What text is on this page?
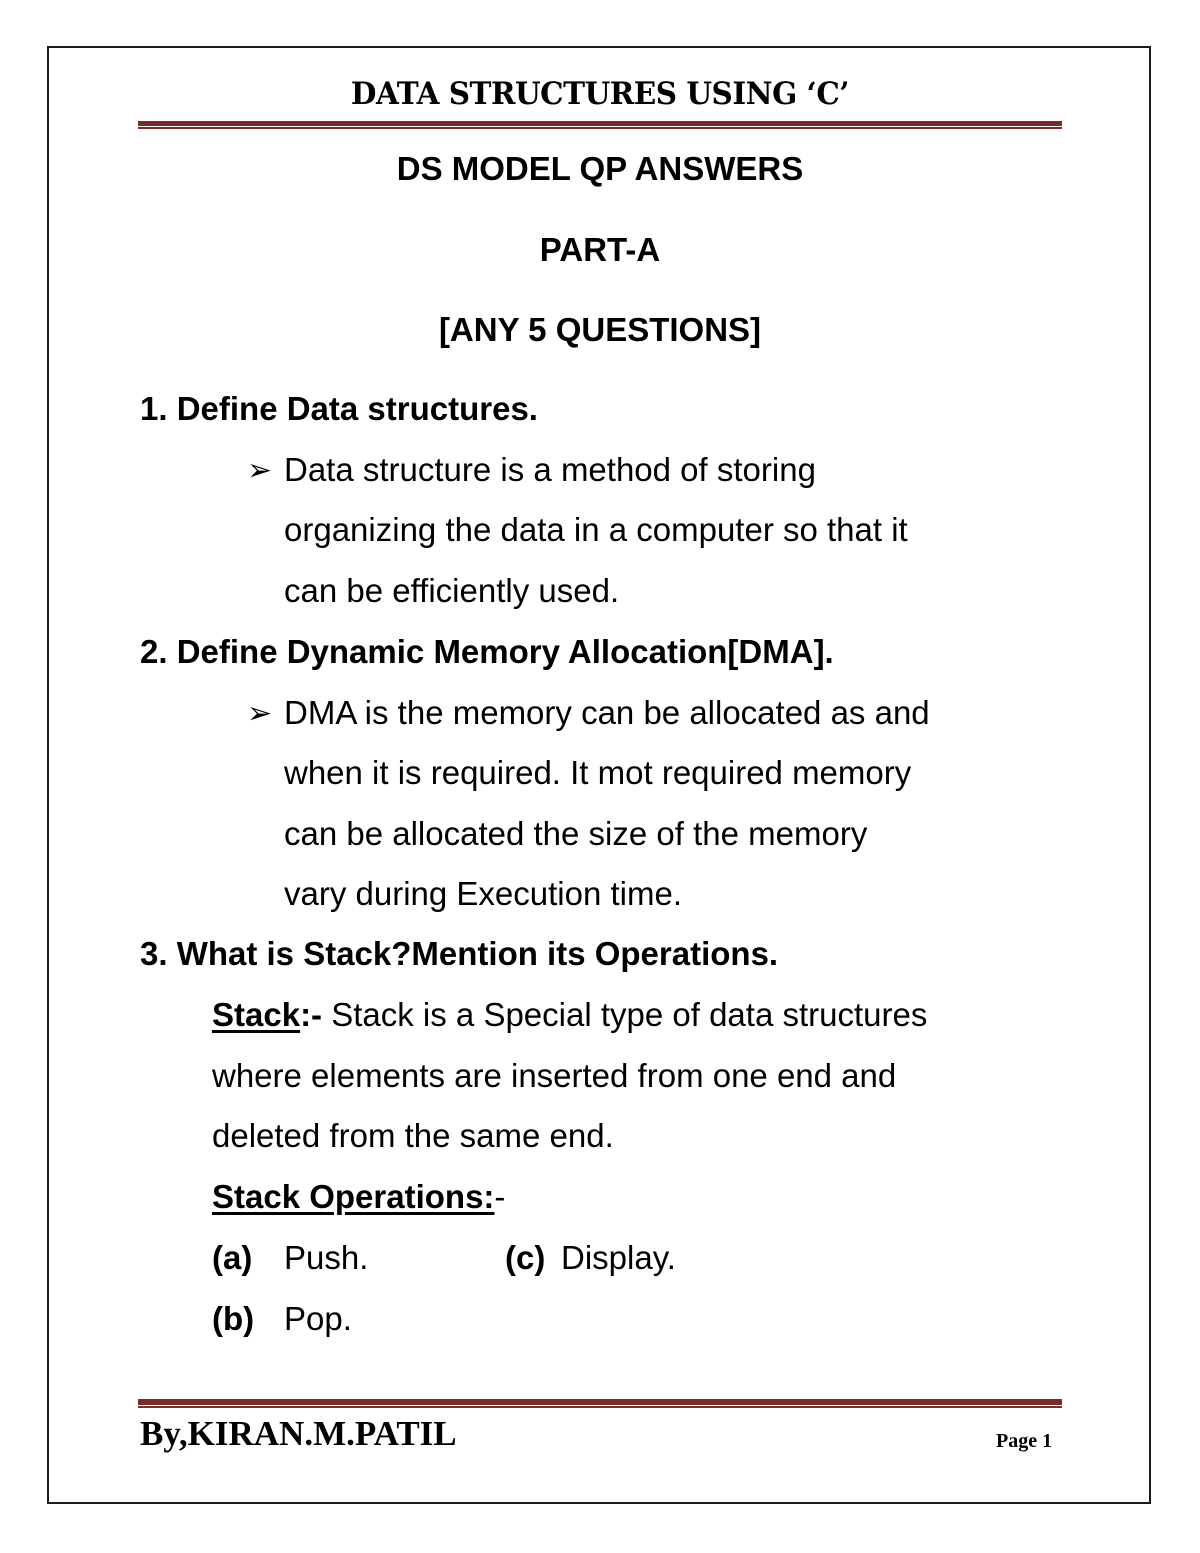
DATA STRUCTURES USING ‘C’
DS MODEL QP ANSWERS
PART-A
[ANY 5 QUESTIONS]
1. Define Data structures.
➢ Data structure is a method of storing
organizing the data in a computer so that it
can be efficiently used.
2. Define Dynamic Memory Allocation[DMA].
➢ DMA is the memory can be allocated as and
when it is required. It mot required memory
can be allocated the size of the memory
vary during Execution time.
3. What is Stack?Mention its Operations.
Stack:- Stack is a Special type of data structures
where elements are inserted from one end and
deleted from the same end.
Stack Operations:-
(a) Push.	(c) Display.
(b) Pop.
By,KIRAN.M.PATIL	Page 1
